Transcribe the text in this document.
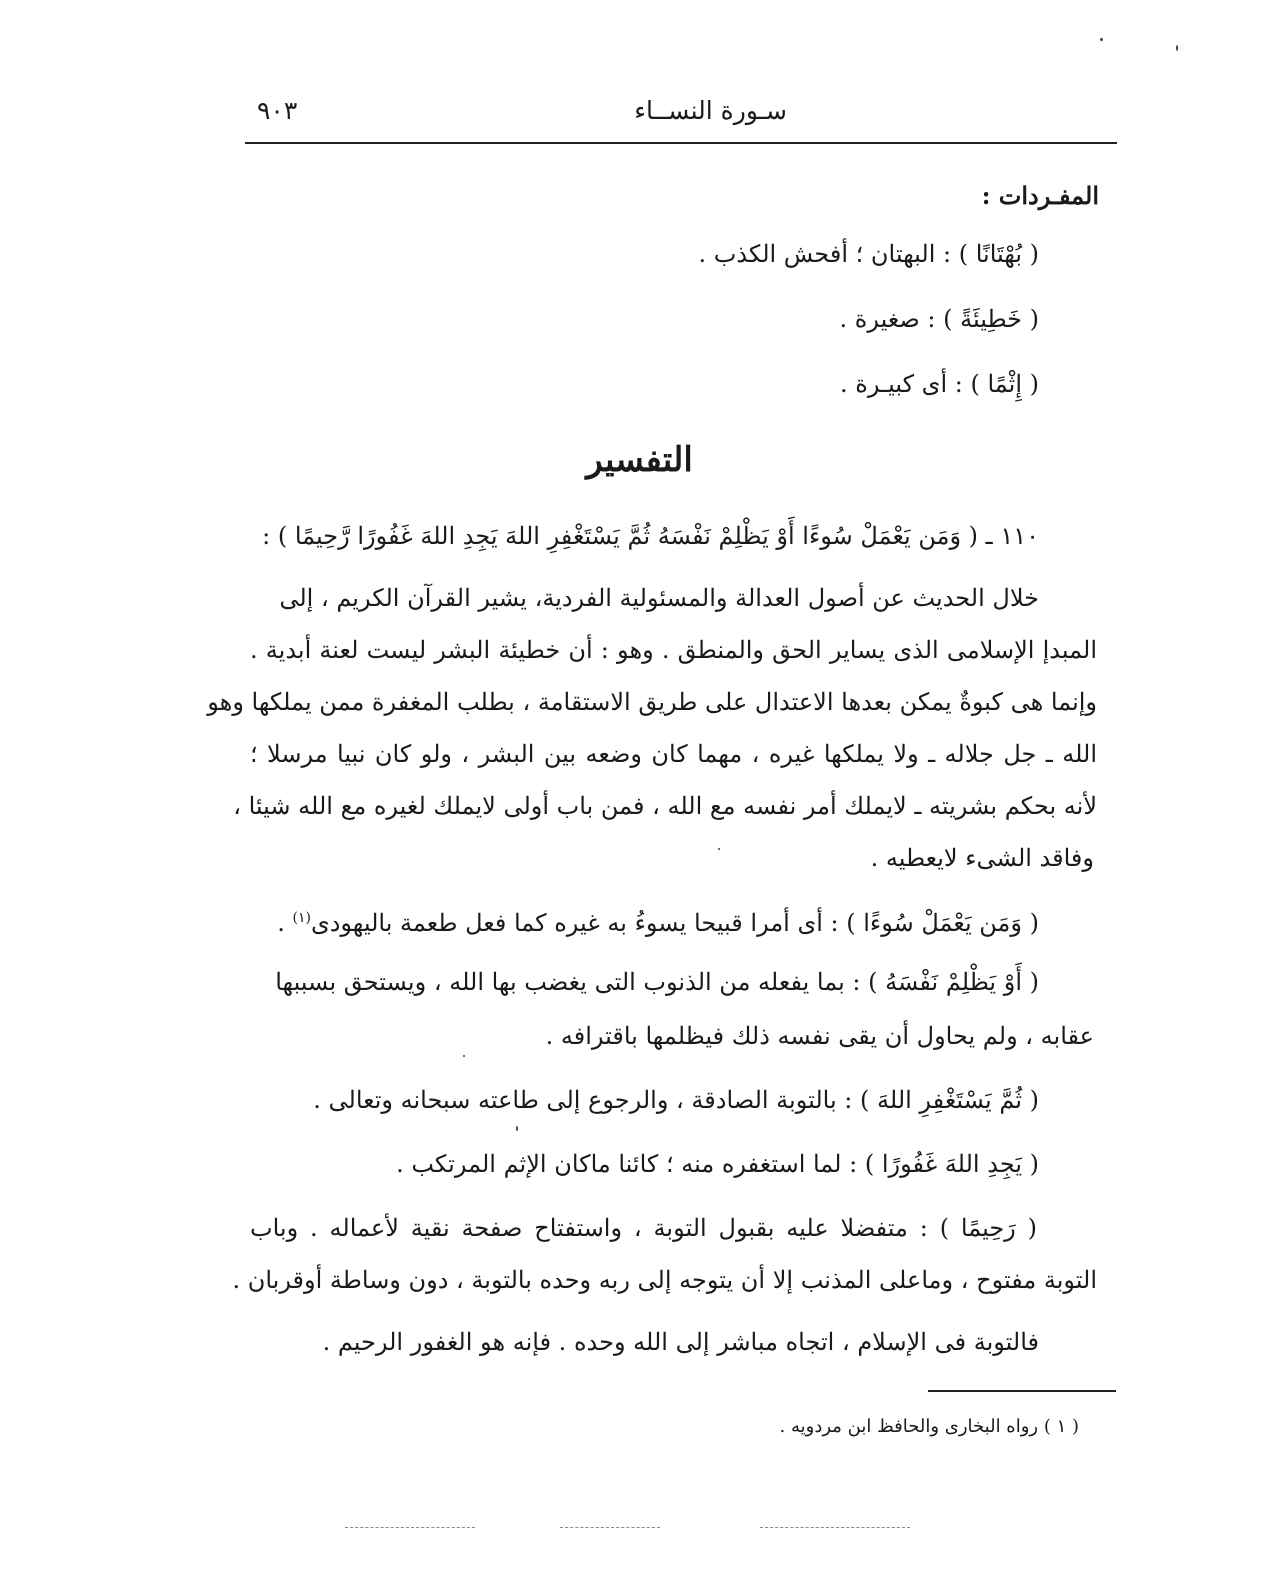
سـورة النســاء
٩٠٣
المفـردات :
( بُهْتَانًا ) : البهتان ؛ أفحش الكذب .
( خَطِيئَةً ) : صغيرة .
( إِثْمًا ) : أى كبيـرة .
التفسير
١١٠ ـ ( وَمَن يَعْمَلْ سُوءًا أَوْ يَظْلِمْ نَفْسَهُ ثُمَّ يَسْتَغْفِرِ اللهَ يَجِدِ اللهَ غَفُورًا رَّحِيمًا ) :
خلال الحديث عن أصول العدالة والمسئولية الفردية، يشير القرآن الكريم ، إلى
المبدإ الإسلامى الذى يساير الحق والمنطق . وهو : أن خطيئة البشر ليست لعنة أبدية .
وإنما هى كبوةٌ يمكن بعدها الاعتدال على طريق الاستقامة ، بطلب المغفرة ممن يملكها وهو
الله ـ جل جلاله ـ ولا يملكها غيره ، مهما كان وضعه بين البشر ، ولو كان نبيا مرسلا ؛
لأنه بحكم بشريته ـ لايملك أمر نفسه مع الله ، فمن باب أولى لايملك لغيره مع الله شيئا ،
وفاقد الشىء لايعطيه .
( وَمَن يَعْمَلْ سُوءًا ) : أى أمرا قبيحا يسوءُ به غيره كما فعل طعمة باليهودى$^{(١)}$ .
( أَوْ يَظْلِمْ نَفْسَهُ ) : بما يفعله من الذنوب التى يغضب بها الله ، ويستحق بسببها
عقابه ، ولم يحاول أن يقى نفسه ذلك فيظلمها باقترافه .
( ثُمَّ يَسْتَغْفِرِ اللهَ ) : بالتوبة الصادقة ، والرجوع إلى طاعته سبحانه وتعالى .
( يَجِدِ اللهَ غَفُورًا ) : لما استغفره منه ؛ كائنا ماكان الإثم المرتكب .
( رَحِيمًا ) : متفضلا عليه بقبول التوبة ، واستفتاح صفحة نقية لأعماله . وباب
التوبة مفتوح ، وماعلى المذنب إلا أن يتوجه إلى ربه وحده بالتوبة ، دون وساطة أوقربان .
فالتوبة فى الإسلام ، اتجاه مباشر إلى الله وحده . فإنه هو الغفور الرحيم .
( ١ ) رواه البخارى والحافظ ابن مردويه .
